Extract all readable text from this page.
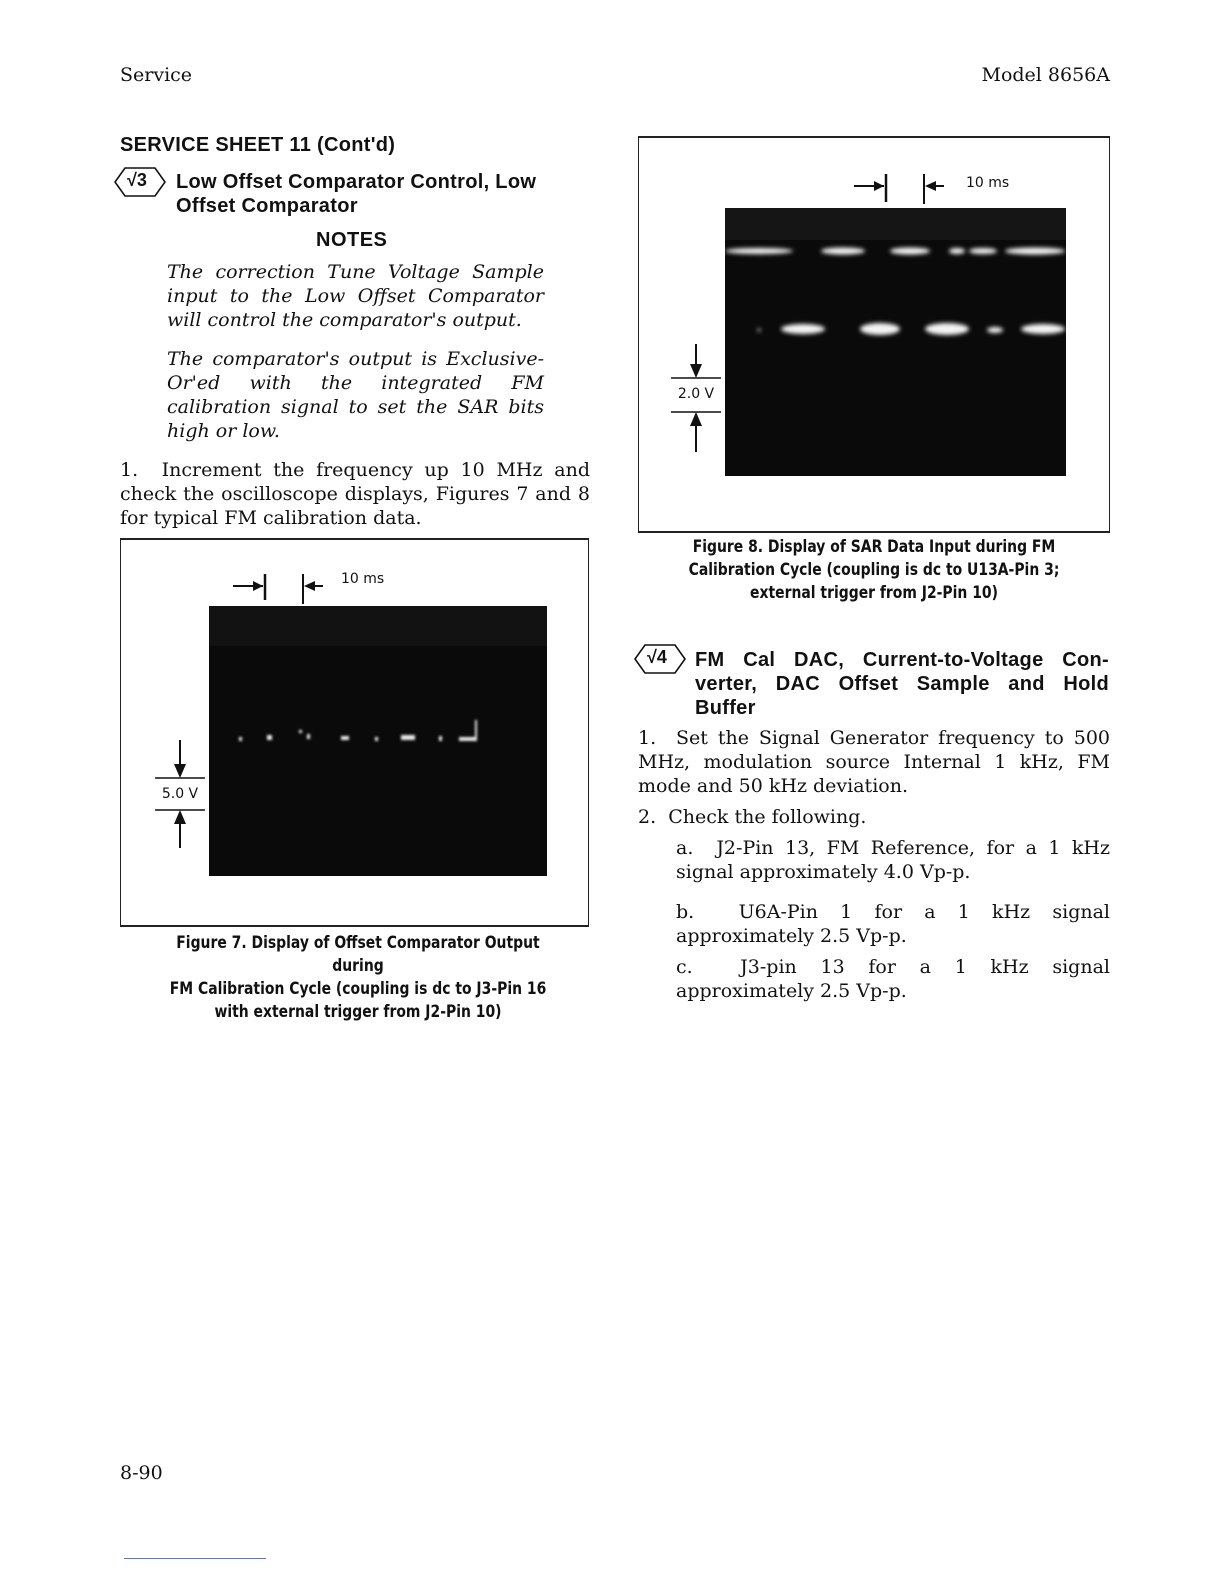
Service	Model 8656A
SERVICE SHEET 11 (Cont'd)
√3 Low Offset Comparator Control, Low
Offset Comparator
NOTES
The correction Tune Voltage Sample input to the Low Offset Comparator will control the comparator's output.
The comparator's output is Exclusive-Or'ed with the integrated FM calibration signal to set the SAR bits high or low.
1. Increment the frequency up 10 MHz and check the oscilloscope displays, Figures 7 and 8 for typical FM calibration data.
10 ms
5.0 V
Figure 7. Display of Offset Comparator Output during
FM Calibration Cycle (coupling is dc to J3-Pin 16
with external trigger from J2-Pin 10)
10 ms
2.0 V
Figure 8. Display of SAR Data Input during FM
Calibration Cycle (coupling is dc to U13A-Pin 3;
external trigger from J2-Pin 10)
√4 FM Cal DAC, Current-to-Voltage Con-
verter, DAC Offset Sample and Hold
Buffer
1. Set the Signal Generator frequency to 500 MHz, modulation source Internal 1 kHz, FM mode and 50 kHz deviation.
2. Check the following.
a. J2-Pin 13, FM Reference, for a 1 kHz signal approximately 4.0 Vp-p.
b. U6A-Pin 1 for a 1 kHz signal approximately 2.5 Vp-p.
c. J3-pin 13 for a 1 kHz signal approximately 2.5 Vp-p.
8-90
